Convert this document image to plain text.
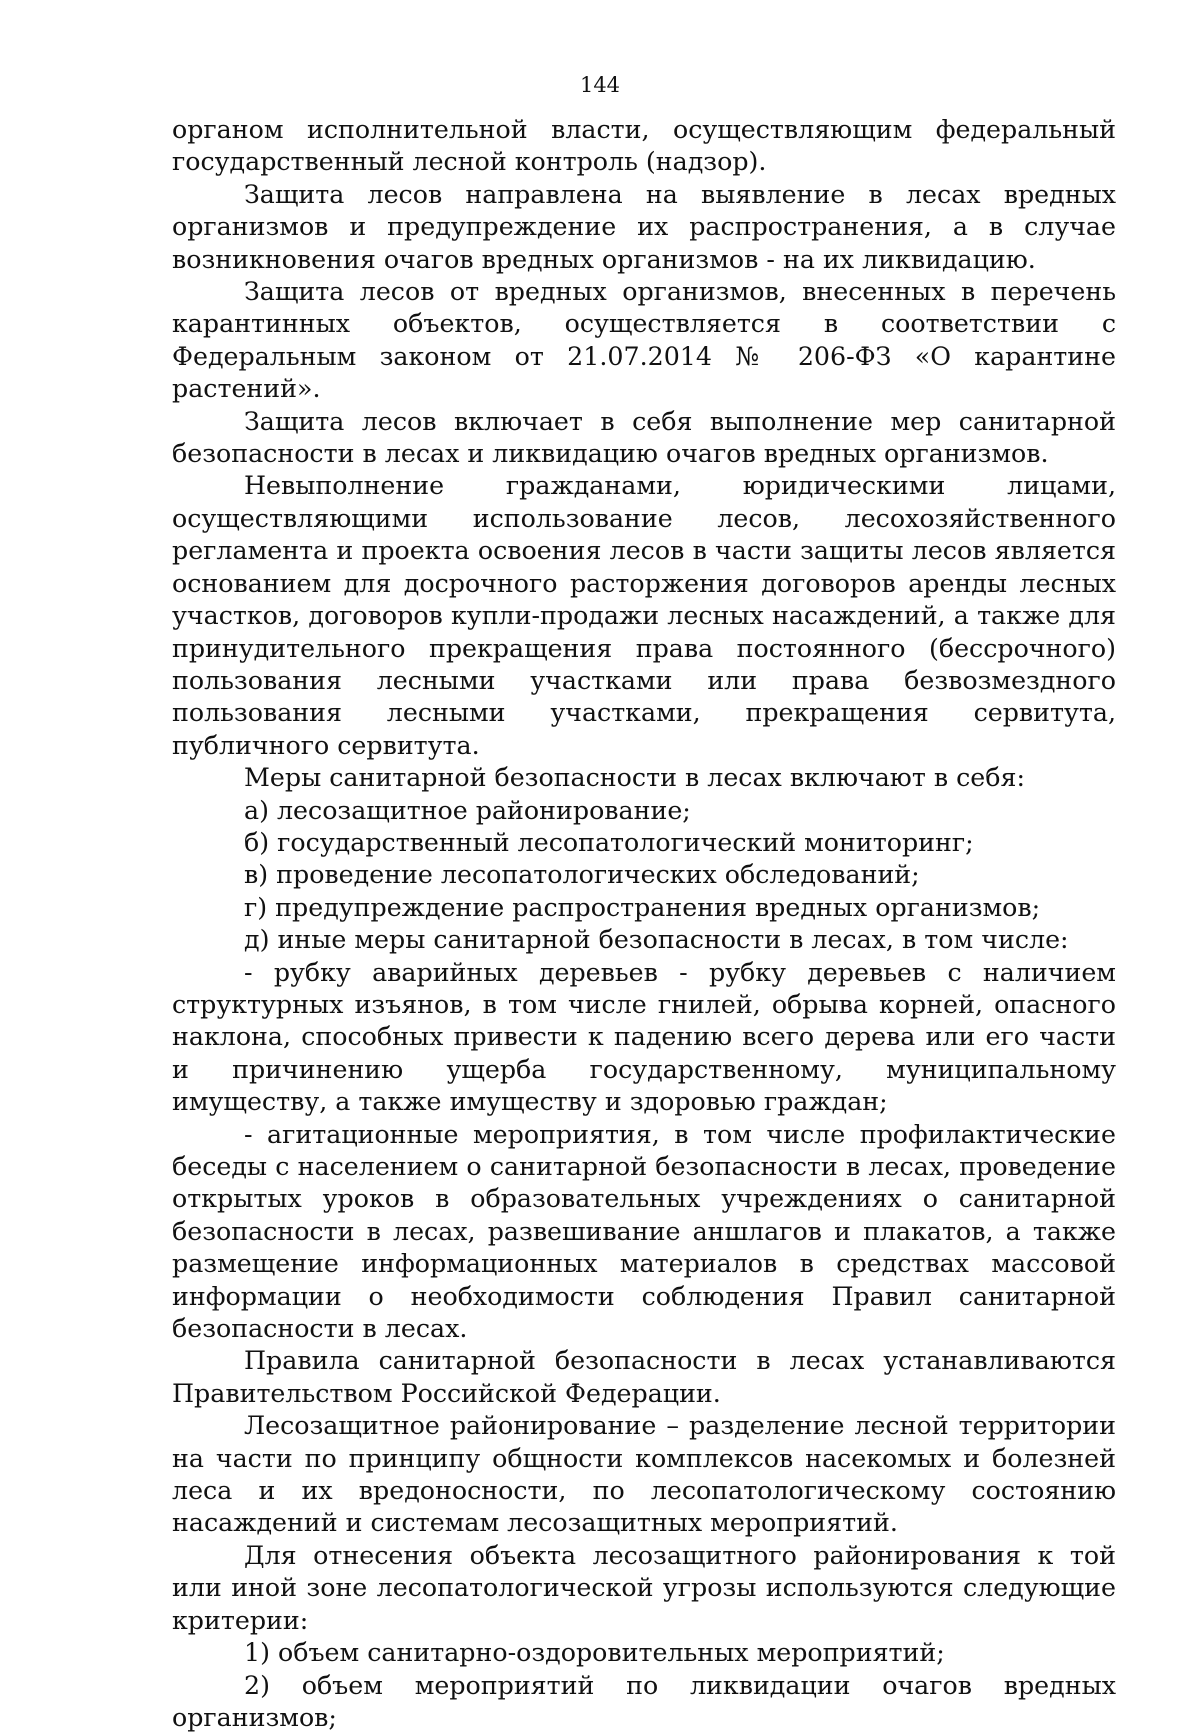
144

органом исполнительной власти, осуществляющим федеральный государственный лесной контроль (надзор).

Защита лесов направлена на выявление в лесах вредных организмов и предупреждение их распространения, а в случае возникновения очагов вредных организмов - на их ликвидацию.

Защита лесов от вредных организмов, внесенных в перечень карантинных объектов, осуществляется в соответствии с Федеральным законом от 21.07.2014 № 206-ФЗ «О карантине растений».

Защита лесов включает в себя выполнение мер санитарной безопасности в лесах и ликвидацию очагов вредных организмов.

Невыполнение гражданами, юридическими лицами, осуществляющими использование лесов, лесохозяйственного регламента и проекта освоения лесов в части защиты лесов является основанием для досрочного расторжения договоров аренды лесных участков, договоров купли-продажи лесных насаждений, а также для принудительного прекращения права постоянного (бессрочного) пользования лесными участками или права безвозмездного пользования лесными участками, прекращения сервитута, публичного сервитута.

Меры санитарной безопасности в лесах включают в себя:

а) лесозащитное районирование;

б) государственный лесопатологический мониторинг;

в) проведение лесопатологических обследований;

г) предупреждение распространения вредных организмов;

д) иные меры санитарной безопасности в лесах, в том числе:

- рубку аварийных деревьев - рубку деревьев с наличием структурных изъянов, в том числе гнилей, обрыва корней, опасного наклона, способных привести к падению всего дерева или его части и причинению ущерба государственному, муниципальному имуществу, а также имуществу и здоровью граждан;

- агитационные мероприятия, в том числе профилактические беседы с населением о санитарной безопасности в лесах, проведение открытых уроков в образовательных учреждениях о санитарной безопасности в лесах, развешивание аншлагов и плакатов, а также размещение информационных материалов в средствах массовой информации о необходимости соблюдения Правил санитарной безопасности в лесах.

Правила санитарной безопасности в лесах устанавливаются Правительством Российской Федерации.

Лесозащитное районирование – разделение лесной территории на части по принципу общности комплексов насекомых и болезней леса и их вредоносности, по лесопатологическому состоянию насаждений и системам лесозащитных мероприятий.

Для отнесения объекта лесозащитного районирования к той или иной зоне лесопатологической угрозы используются следующие критерии:

1) объем санитарно-оздоровительных мероприятий;

2) объем мероприятий по ликвидации очагов вредных организмов;
